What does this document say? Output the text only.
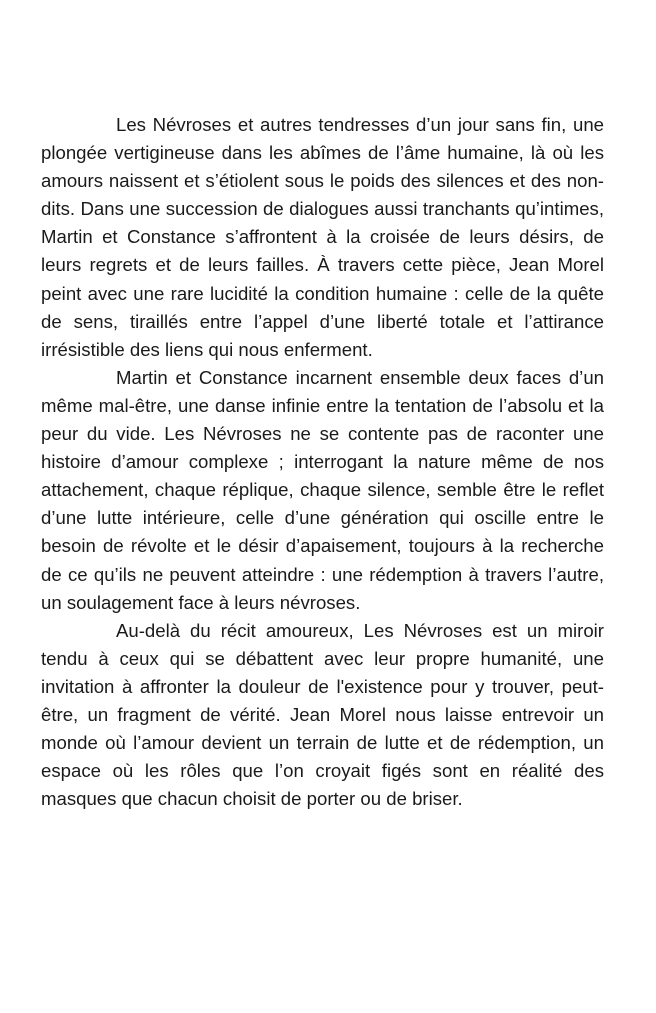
Les Névroses et autres tendresses d’un jour sans fin, une plongée vertigineuse dans les abîmes de l’âme humaine, là où les amours naissent et s’étiolent sous le poids des silences et des non-dits. Dans une succession de dialogues aussi tranchants qu’intimes, Martin et Constance s’affrontent à la croisée de leurs désirs, de leurs regrets et de leurs failles. À travers cette pièce, Jean Morel peint avec une rare lucidité la condition humaine : celle de la quête de sens, tiraillés entre l’appel d’une liberté totale et l’attirance irrésistible des liens qui nous enferment.

Martin et Constance incarnent ensemble deux faces d’un même mal-être, une danse infinie entre la tentation de l’absolu et la peur du vide. Les Névroses ne se contente pas de raconter une histoire d’amour complexe ; interrogant la nature même de nos attachement, chaque réplique, chaque silence, semble être le reflet d’une lutte intérieure, celle d’une génération qui oscille entre le besoin de révolte et le désir d’apaisement, toujours à la recherche de ce qu’ils ne peuvent atteindre : une rédemption à travers l’autre, un soulagement face à leurs névroses.

Au-delà du récit amoureux, Les Névroses est un miroir tendu à ceux qui se débattent avec leur propre humanité, une invitation à affronter la douleur de l'existence pour y trouver, peut-être, un fragment de vérité. Jean Morel nous laisse entrevoir un monde où l’amour devient un terrain de lutte et de rédemption, un espace où les rôles que l’on croyait figés sont en réalité des masques que chacun choisit de porter ou de briser.
